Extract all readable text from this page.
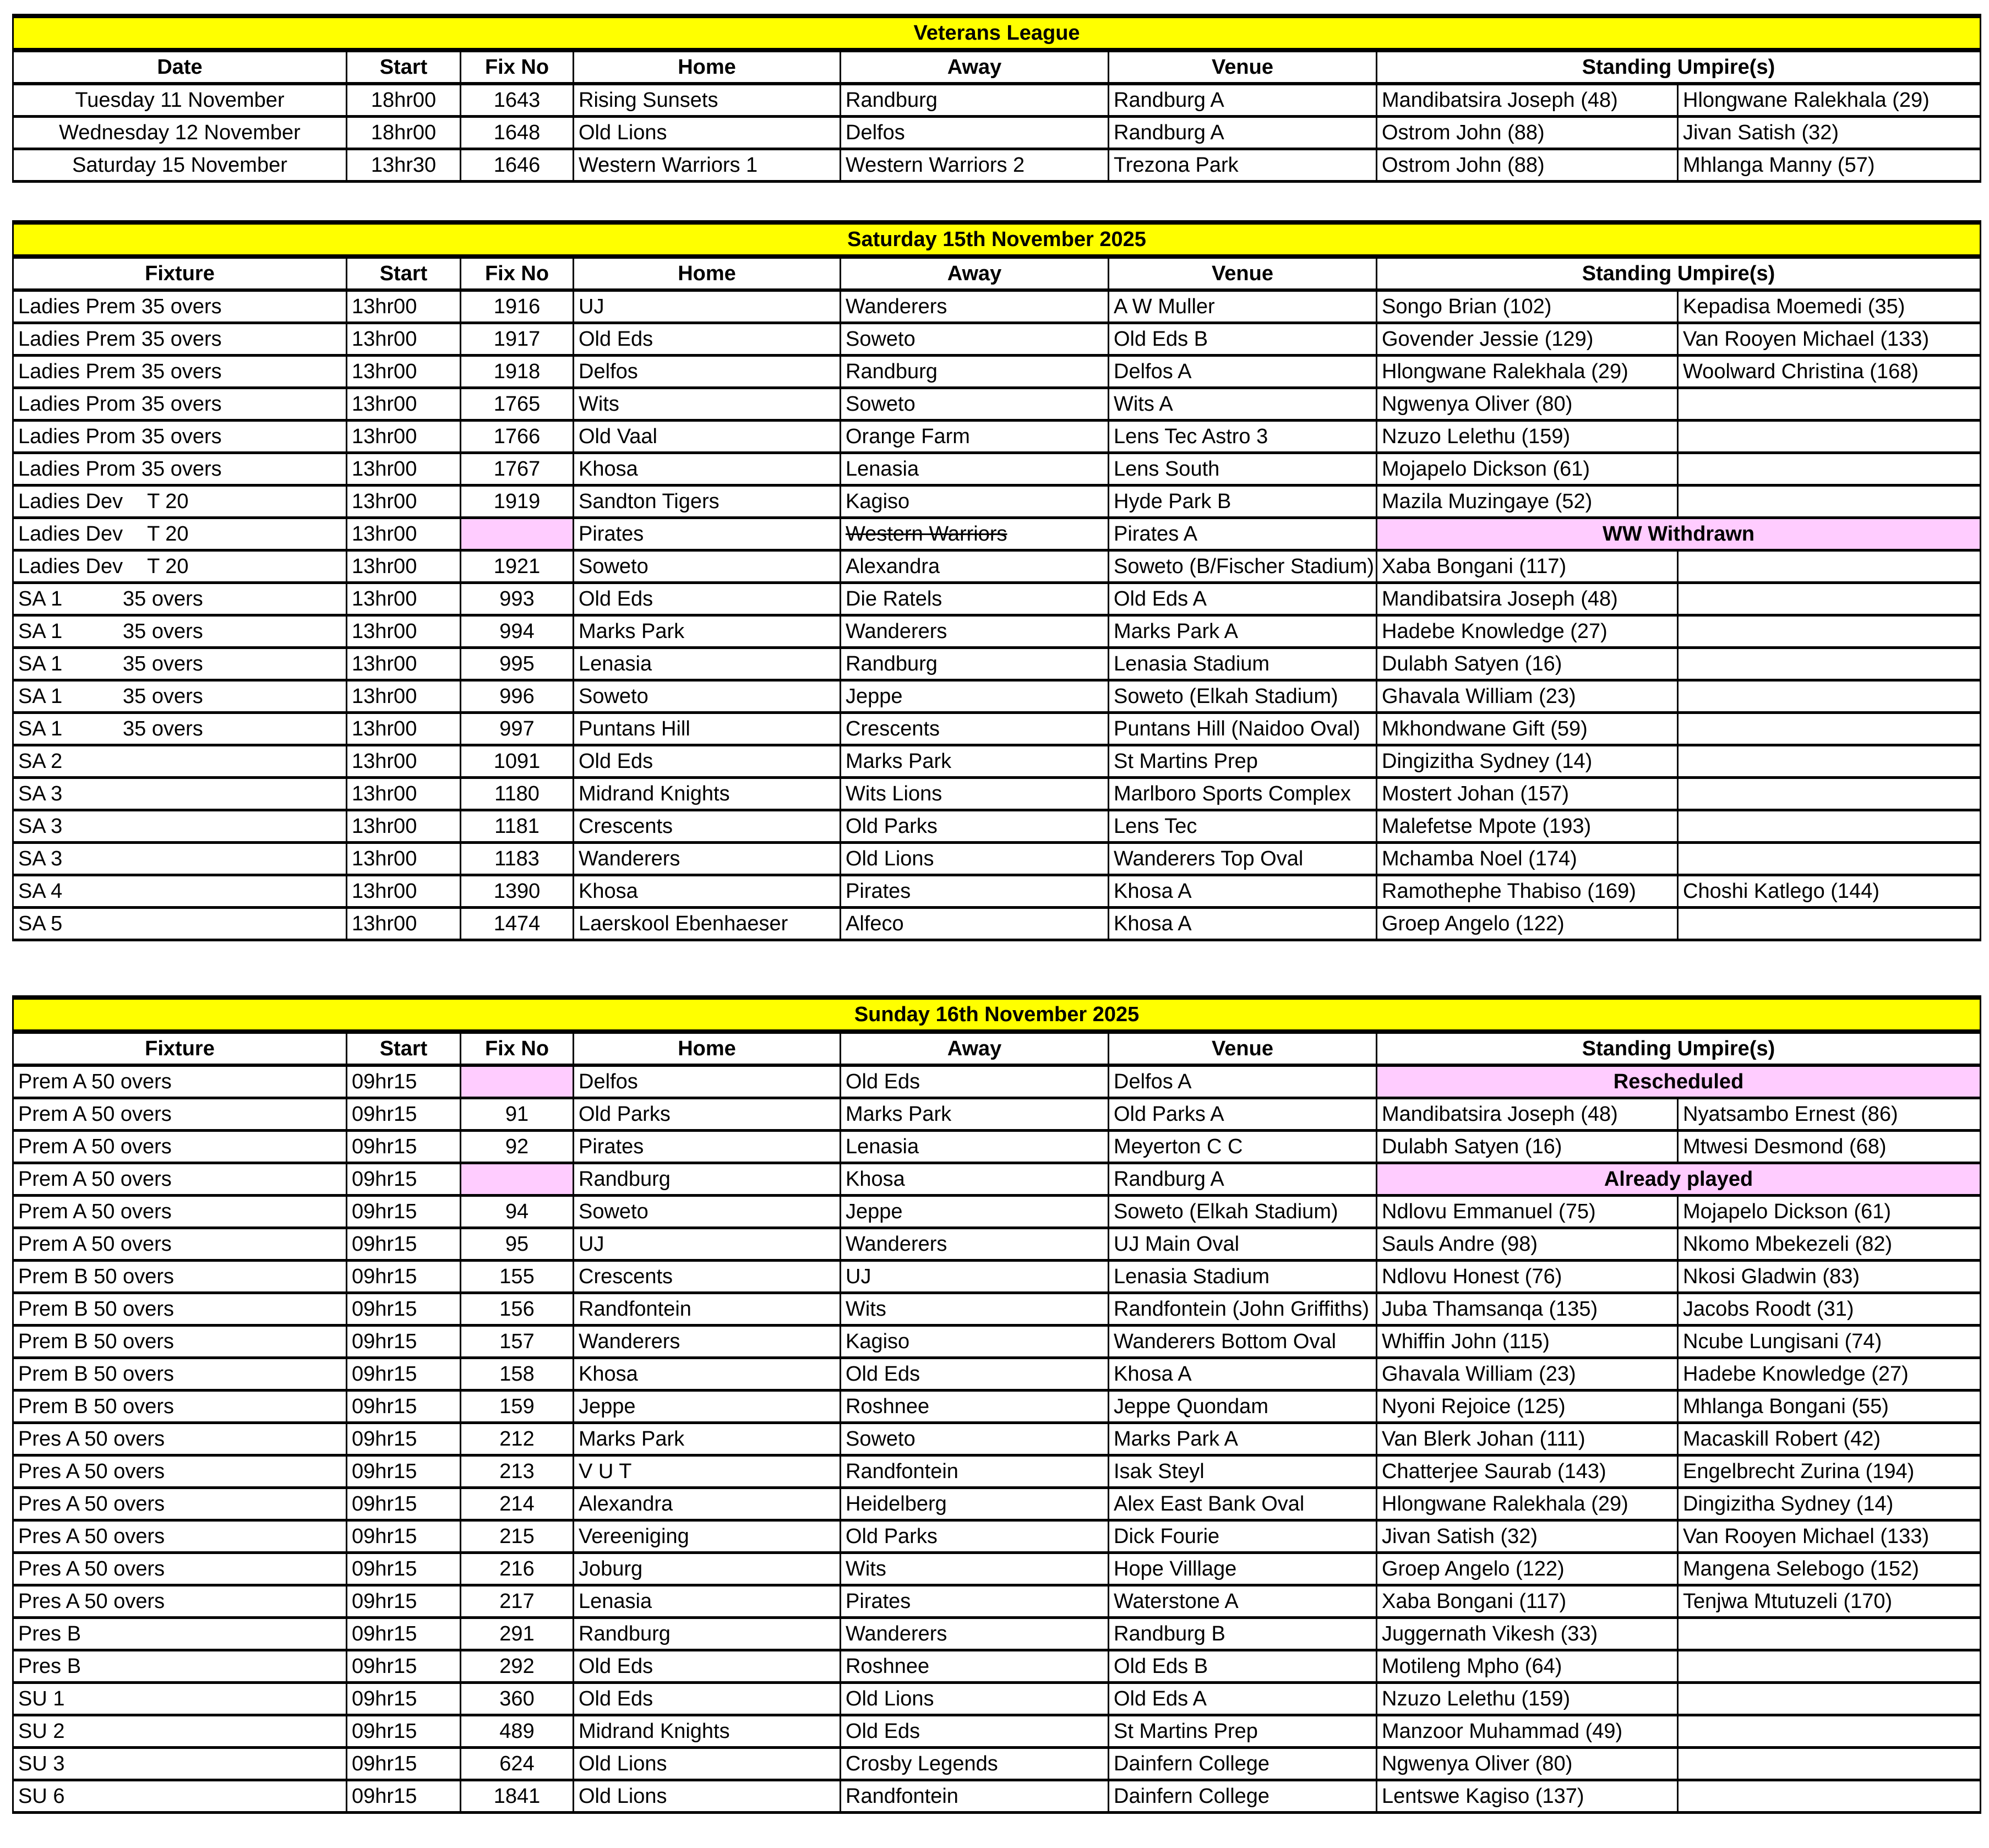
Veterans League							
Date	Start	Fix No	Home	Away	Venue	Standing Umpire(s)	
Tuesday 11 November	18hr00	1643	Rising Sunsets	Randburg	Randburg A	Mandibatsira Joseph (48)	Hlongwane Ralekhala (29)
Wednesday 12 November	18hr00	1648	Old Lions	Delfos	Randburg A	Ostrom John (88)	Jivan Satish (32)
Saturday 15 November	13hr30	1646	Western Warriors 1	Western Warriors 2	Trezona Park	Ostrom John (88)	Mhlanga Manny (57)
Saturday 15th November 2025							
Fixture	Start	Fix No	Home	Away	Venue	Standing Umpire(s)	
Ladies Prem 35 overs	13hr00	1916	UJ	Wanderers	A W Muller	Songo Brian (102)	Kepadisa Moemedi (35)
Ladies Prem 35 overs	13hr00	1917	Old Eds	Soweto	Old Eds B	Govender Jessie (129)	Van Rooyen Michael (133)
Ladies Prem 35 overs	13hr00	1918	Delfos	Randburg	Delfos A	Hlongwane Ralekhala (29)	Woolward Christina (168)
Ladies Prom 35 overs	13hr00	1765	Wits	Soweto	Wits A	Ngwenya Oliver (80)	
Ladies Prom 35 overs	13hr00	1766	Old Vaal	Orange Farm	Lens Tec Astro 3	Nzuzo Lelethu (159)	
Ladies Prom 35 overs	13hr00	1767	Khosa	Lenasia	Lens South	Mojapelo Dickson (61)	
Ladies Dev T 20	13hr00	1919	Sandton Tigers	Kagiso	Hyde Park B	Mazila Muzingaye (52)	
Ladies Dev T 20	13hr00		Pirates	Western Warriors	Pirates A	WW Withdrawn	
Ladies Dev T 20	13hr00	1921	Soweto	Alexandra	Soweto (B/Fischer Stadium)	Xaba Bongani (117)	
SA 1 35 overs	13hr00	993	Old Eds	Die Ratels	Old Eds A	Mandibatsira Joseph (48)	
SA 1 35 overs	13hr00	994	Marks Park	Wanderers	Marks Park A	Hadebe Knowledge (27)	
SA 1 35 overs	13hr00	995	Lenasia	Randburg	Lenasia Stadium	Dulabh Satyen (16)	
SA 1 35 overs	13hr00	996	Soweto	Jeppe	Soweto (Elkah Stadium)	Ghavala William (23)	
SA 1 35 overs	13hr00	997	Puntans Hill	Crescents	Puntans Hill (Naidoo Oval)	Mkhondwane Gift (59)	
SA 2	13hr00	1091	Old Eds	Marks Park	St Martins Prep	Dingizitha Sydney (14)	
SA 3	13hr00	1180	Midrand Knights	Wits Lions	Marlboro Sports Complex	Mostert Johan (157)	
SA 3	13hr00	1181	Crescents	Old Parks	Lens Tec	Malefetse Mpote (193)	
SA 3	13hr00	1183	Wanderers	Old Lions	Wanderers Top Oval	Mchamba Noel (174)	
SA 4	13hr00	1390	Khosa	Pirates	Khosa A	Ramothephe Thabiso (169)	Choshi Katlego (144)
SA 5	13hr00	1474	Laerskool Ebenhaeser	Alfeco	Khosa A	Groep Angelo (122)	
Sunday 16th November 2025							
Fixture	Start	Fix No	Home	Away	Venue	Standing Umpire(s)	
Prem A 50 overs	09hr15		Delfos	Old Eds	Delfos A	Rescheduled	
Prem A 50 overs	09hr15	91	Old Parks	Marks Park	Old Parks A	Mandibatsira Joseph (48)	Nyatsambo Ernest (86)
Prem A 50 overs	09hr15	92	Pirates	Lenasia	Meyerton C C	Dulabh Satyen (16)	Mtwesi Desmond (68)
Prem A 50 overs	09hr15		Randburg	Khosa	Randburg A	Already played	
Prem A 50 overs	09hr15	94	Soweto	Jeppe	Soweto (Elkah Stadium)	Ndlovu Emmanuel (75)	Mojapelo Dickson (61)
Prem A 50 overs	09hr15	95	UJ	Wanderers	UJ Main Oval	Sauls Andre (98)	Nkomo Mbekezeli (82)
Prem B 50 overs	09hr15	155	Crescents	UJ	Lenasia Stadium	Ndlovu Honest (76)	Nkosi Gladwin (83)
Prem B 50 overs	09hr15	156	Randfontein	Wits	Randfontein (John Griffiths)	Juba Thamsanqa (135)	Jacobs Roodt (31)
Prem B 50 overs	09hr15	157	Wanderers	Kagiso	Wanderers Bottom Oval	Whiffin John (115)	Ncube Lungisani (74)
Prem B 50 overs	09hr15	158	Khosa	Old Eds	Khosa A	Ghavala William (23)	Hadebe Knowledge (27)
Prem B 50 overs	09hr15	159	Jeppe	Roshnee	Jeppe Quondam	Nyoni Rejoice (125)	Mhlanga Bongani (55)
Pres A 50 overs	09hr15	212	Marks Park	Soweto	Marks Park A	Van Blerk Johan (111)	Macaskill Robert (42)
Pres A 50 overs	09hr15	213	V U T	Randfontein	Isak Steyl	Chatterjee Saurab (143)	Engelbrecht Zurina (194)
Pres A 50 overs	09hr15	214	Alexandra	Heidelberg	Alex East Bank Oval	Hlongwane Ralekhala (29)	Dingizitha Sydney (14)
Pres A 50 overs	09hr15	215	Vereeniging	Old Parks	Dick Fourie	Jivan Satish (32)	Van Rooyen Michael (133)
Pres A 50 overs	09hr15	216	Joburg	Wits	Hope Villlage	Groep Angelo (122)	Mangena Selebogo (152)
Pres A 50 overs	09hr15	217	Lenasia	Pirates	Waterstone A	Xaba Bongani (117)	Tenjwa Mtutuzeli (170)
Pres B	09hr15	291	Randburg	Wanderers	Randburg B	Juggernath Vikesh (33)	
Pres B	09hr15	292	Old Eds	Roshnee	Old Eds B	Motileng Mpho (64)	
SU 1	09hr15	360	Old Eds	Old Lions	Old Eds A	Nzuzo Lelethu (159)	
SU 2	09hr15	489	Midrand Knights	Old Eds	St Martins Prep	Manzoor Muhammad (49)	
SU 3	09hr15	624	Old Lions	Crosby Legends	Dainfern College	Ngwenya Oliver (80)	
SU 6	09hr15	1841	Old Lions	Randfontein	Dainfern College	Lentswe Kagiso (137)	
